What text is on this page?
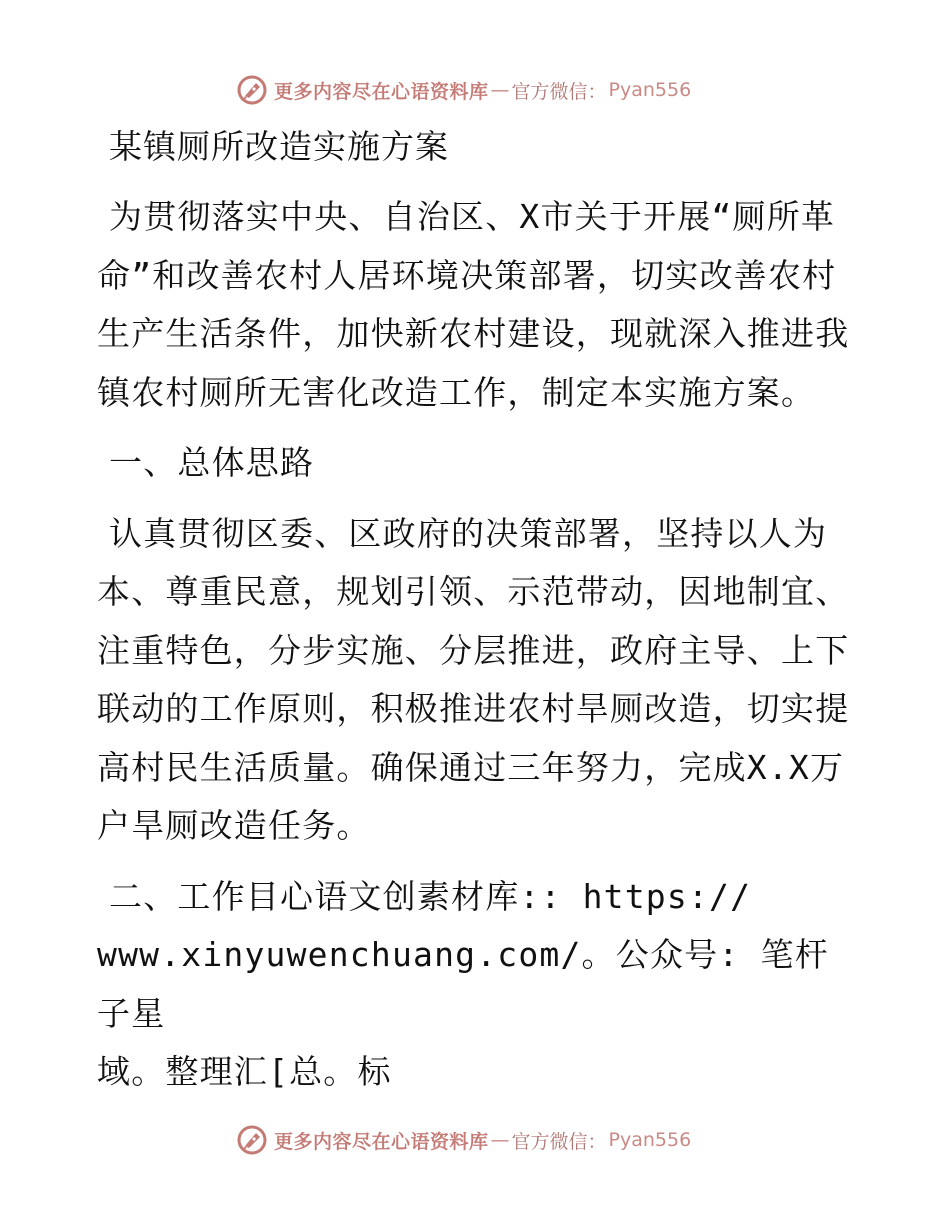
更多内容尽在心语资料库 — 官方微信： Pyan556
某镇厕所改造实施方案

为贯彻落实中央、自治区、X市关于开展“厕所革命”和改善农村人居环境决策部署，切实改善农村生产生活条件，加快新农村建设，现就深入推进我镇农村厕所无害化改造工作，制定本实施方案。

一、总体思路

认真贯彻区委、区政府的决策部署，坚持以人为本、尊重民意，规划引领、示范带动，因地制宜、注重特色，分步实施、分层推进，政府主导、上下联动的工作原则，积极推进农村旱厕改造，切实提高村民生活质量。确保通过三年努力，完成X.X万户旱厕改造任务。

二、工作目心语文创素材库:: https://

www.xinyuwenchuang.com/。公众号: 笔杆子星

域。整理汇[总。标

更多内容尽在心语资料库 — 官方微信： Pyan556
